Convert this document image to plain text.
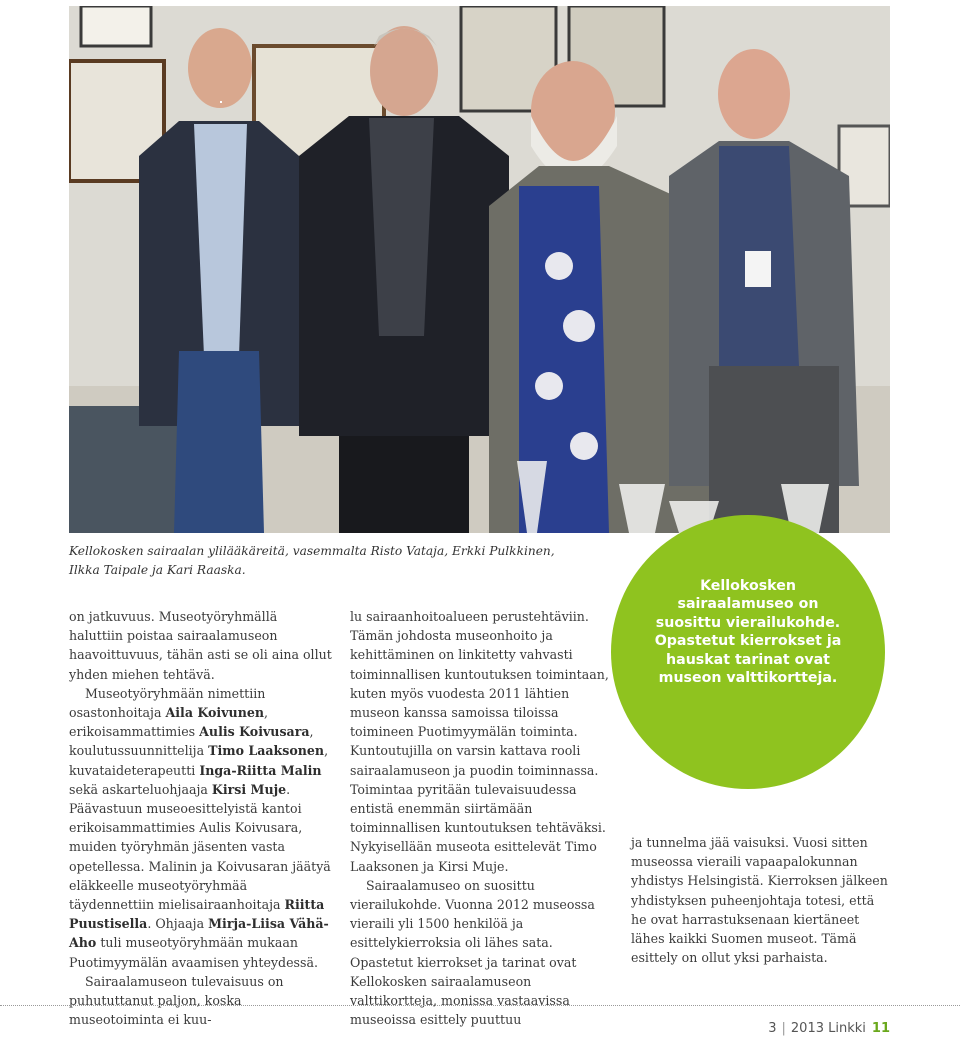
Kellokosken sairaalan ylilääkäreitä, vasemmalta Risto Vataja, Erkki Pulkkinen, Ilkka Taipale ja Kari Raaska.

on jatkuvuus. Museotyöryhmällä haluttiin poistaa sairaalamuseon haavoittuvuus, tähän asti se oli aina ollut yhden miehen tehtävä.

Museotyöryhmään nimettiin osastonhoitaja Aila Koivunen, erikoisammattimies Aulis Koivusara, koulutussuunnittelija Timo Laaksonen, kuvataideterapeutti Inga-Riitta Malin sekä askarteluohjaaja Kirsi Muje. Päävastuun museoesittelyistä kantoi erikoisammattimies Aulis Koivusara, muiden työryhmän jäsenten vasta opetellessa. Malinin ja Koivusaran jäätyä eläkkeelle museotyöryhmää täydennettiin mielisairaanhoitaja Riitta Puustisella. Ohjaaja Mirja-Liisa Vähä-Aho tuli museotyöryhmään mukaan Puotimyymälän avaamisen yhteydessä.

Sairaalamuseon tulevaisuus on puhututtanut paljon, koska museotoiminta ei kuu-

lu sairaanhoitoalueen perustehtäviin. Tämän johdosta museonhoito ja kehittäminen on linkitetty vahvasti toiminnallisen kuntoutuksen toimintaan, kuten myös vuodesta 2011 lähtien museon kanssa samoissa tiloissa toimineen Puotimyymälän toiminta. Kuntoutujilla on varsin kattava rooli sairaalamuseon ja puodin toiminnassa. Toimintaa pyritään tulevaisuudessa entistä enemmän siirtämään toiminnallisen kuntoutuksen tehtäväksi. Nykyisellään museota esittelevät Timo Laaksonen ja Kirsi Muje.

Sairaalamuseo on suosittu vierailukohde. Vuonna 2012 museossa vieraili yli 1500 henkilöä ja esittelykierroksia oli lähes sata. Opastetut kierrokset ja tarinat ovat Kellokosken sairaalamuseon valttikortteja, monissa vastaavissa museoissa esittely puuttuu

Kellokosken sairaalamuseo on suosittu vierailukohde. Opastetut kierrokset ja hauskat tarinat ovat museon valttikortteja.

ja tunnelma jää vaisuksi. Vuosi sitten museossa vieraili vapaapalokunnan yhdistys Helsingistä. Kierroksen jälkeen yhdistyksen puheenjohtaja totesi, että he ovat harrastuksenaan kiertäneet lähes kaikki Suomen museot. Tämä esittely on ollut yksi parhaista.

3 | 2013 Linkki 11
